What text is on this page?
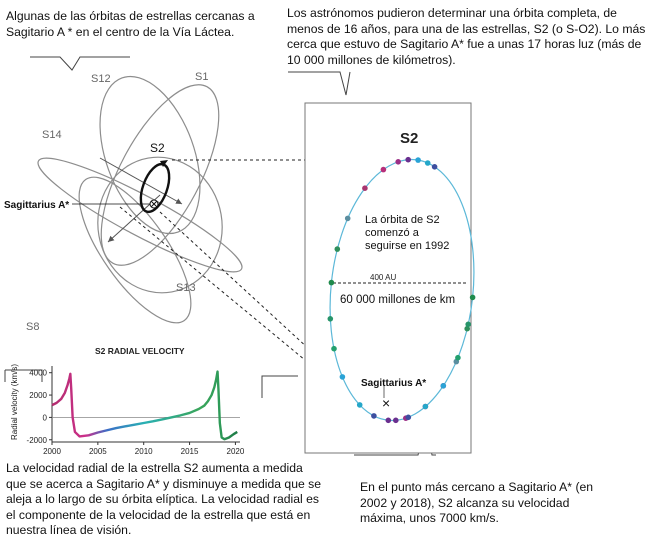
Algunas de las órbitas de estrellas cercanas a Sagitario A * en el centro de la Vía Láctea.
Los astrónomos pudieron determinar una órbita completa, de menos de 16 años, para una de las estrellas, S2 (o S-O2). Lo más cerca que estuvo de Sagitario A* fue a unas 17 horas luz (más de 10 000 millones de kilómetros).
La velocidad radial de la estrella S2 aumenta a medida que se acerca a Sagitario A* y disminuye a medida que se aleja a lo largo de su órbita elíptica. La velocidad radial es el componente de la velocidad de la estrella que está en nuestra línea de visión.
En el punto más cercano a Sagitario A* (en 2002 y 2018), S2 alcanza su velocidad máxima, unos 7000 km/s.
S12	S1
S14
S2
S13
S8
Sagittarius A*
S2
400 AU
Sagittarius A*
×
S2 RADIAL VELOCITY
Radial velocity (km/s) 4000
2000
0
-2000
2000	2005	2010	2015	2020
La órbita de S2 comenzó a seguirse en 1992
60 000 millones de km
